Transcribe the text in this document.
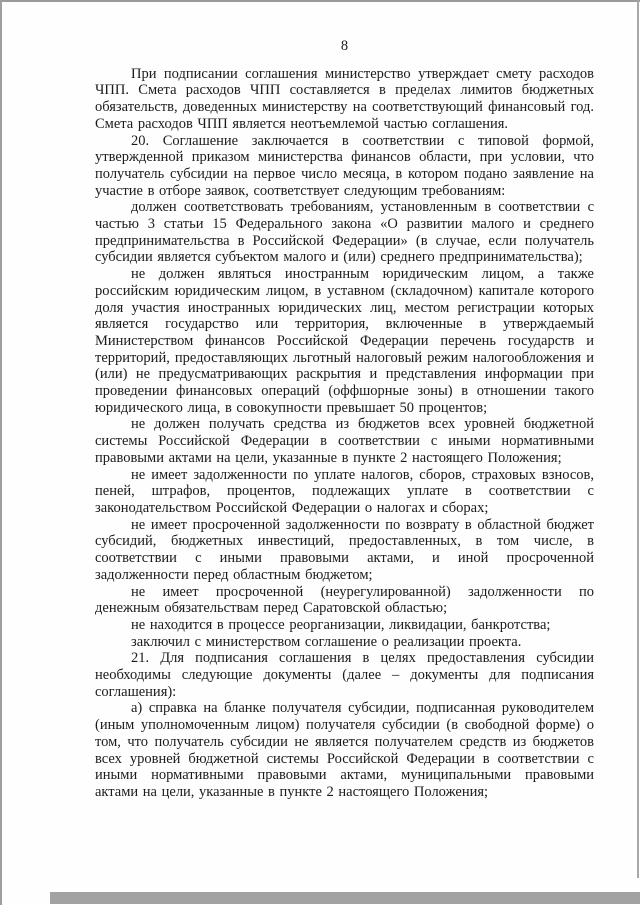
8

При подписании соглашения министерство утверждает смету расходов ЧПП. Смета расходов ЧПП составляется в пределах лимитов бюджетных обязательств, доведенных министерству на соответствующий финансовый год. Смета расходов ЧПП является неотъемлемой частью соглашения.

20. Соглашение заключается в соответствии с типовой формой, утвержденной приказом министерства финансов области, при условии, что получатель субсидии на первое число месяца, в котором подано заявление на участие в отборе заявок, соответствует следующим требованиям:

должен соответствовать требованиям, установленным в соответствии с частью 3 статьи 15 Федерального закона «О развитии малого и среднего предпринимательства в Российской Федерации» (в случае, если получатель субсидии является субъектом малого и (или) среднего предпринимательства);

не должен являться иностранным юридическим лицом, а также российским юридическим лицом, в уставном (складочном) капитале которого доля участия иностранных юридических лиц, местом регистрации которых является государство или территория, включенные в утверждаемый Министерством финансов Российской Федерации перечень государств и территорий, предоставляющих льготный налоговый режим налогообложения и (или) не предусматривающих раскрытия и представления информации при проведении финансовых операций (оффшорные зоны) в отношении такого юридического лица, в совокупности превышает 50 процентов;

не должен получать средства из бюджетов всех уровней бюджетной системы Российской Федерации в соответствии с иными нормативными правовыми актами на цели, указанные в пункте 2 настоящего Положения;

не имеет задолженности по уплате налогов, сборов, страховых взносов, пеней, штрафов, процентов, подлежащих уплате в соответствии с законодательством Российской Федерации о налогах и сборах;

не имеет просроченной задолженности по возврату в областной бюджет субсидий, бюджетных инвестиций, предоставленных, в том числе, в соответствии с иными правовыми актами, и иной просроченной задолженности перед областным бюджетом;

не имеет просроченной (неурегулированной) задолженности по денежным обязательствам перед Саратовской областью;

не находится в процессе реорганизации, ликвидации, банкротства;

заключил с министерством соглашение о реализации проекта.

21. Для подписания соглашения в целях предоставления субсидии необходимы следующие документы (далее – документы для подписания соглашения):

а) справка на бланке получателя субсидии, подписанная руководителем (иным уполномоченным лицом) получателя субсидии (в свободной форме) о том, что получатель субсидии не является получателем средств из бюджетов всех уровней бюджетной системы Российской Федерации в соответствии с иными нормативными правовыми актами, муниципальными правовыми актами на цели, указанные в пункте 2 настоящего Положения;
